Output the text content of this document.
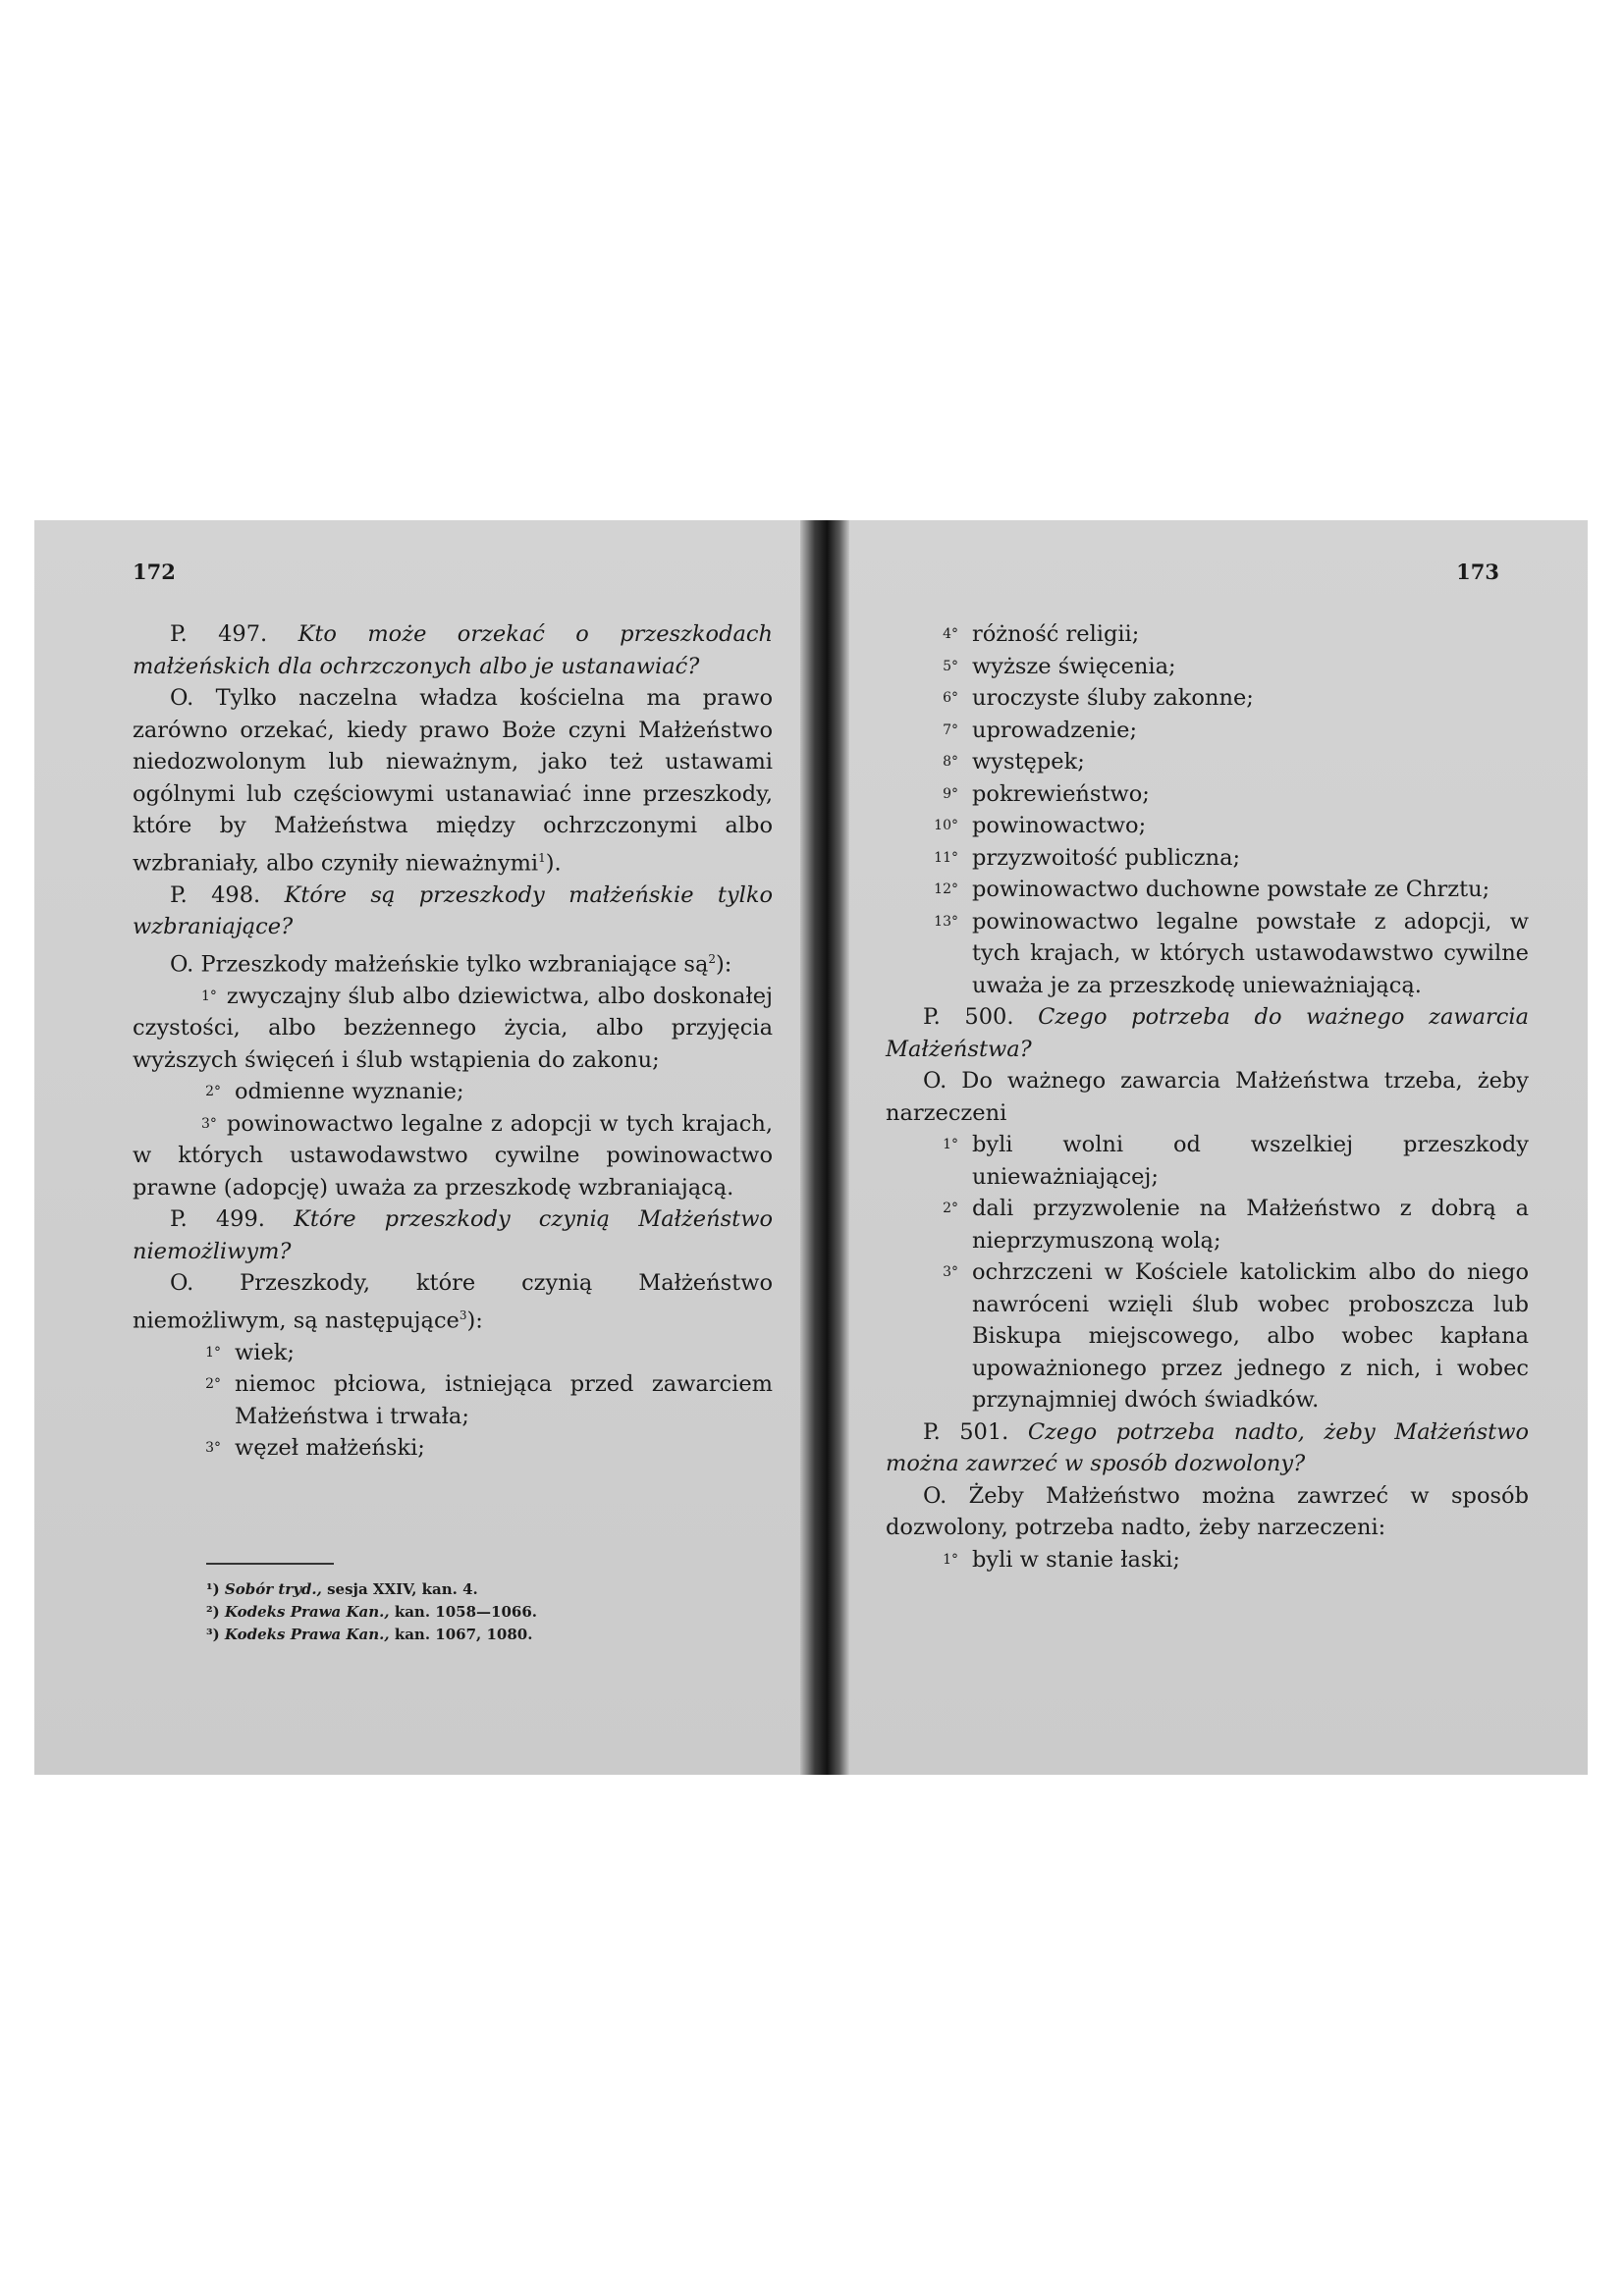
172

P. 497. Kto może orzekać o przeszkodach małżeńskich dla ochrzczonych albo je ustanawiać?

O. Tylko naczelna władza kościelna ma prawo zarówno orzekać, kiedy prawo Boże czyni Małżeństwo niedozwolonym lub nieważnym, jako też ustawami ogólnymi lub częściowymi ustanawiać inne przeszkody, które by Małżeństwa między ochrzczonymi albo wzbraniały, albo czyniły nieważnymi$^1$).

P. 498. Które są przeszkody małżeńskie tylko wzbraniające?

O. Przeszkody małżeńskie tylko wzbraniające $są^2$):

$^{1^\circ}$ zwyczajny ślub albo dziewictwa, albo doskonałej czystości, albo bezżennego życia, albo przyjęcia wyższych święceń i ślub wstąpienia do zakonu;

2° odmienne wyznanie;

$^{3^\circ}$ powinowactwo legalne z adopcji w tych krajach, w których ustawodawstwo cywilne powinowactwo prawne (adopcję) uważa za przeszkodę wzbraniającą.

P. 499. Które przeszkody czynią Małżeństwo niemożliwym?

O. Przeszkody, które czynią Małżeństwo niemożliwym, są następujące$^3$):

1° wiek;

2° niemoc płciowa, istniejąca przed zawarciem Małżeństwa i trwała;

3° węzeł małżeński;

¹) Sobór tryd., sesja XXIV, kan. 4.
²) Kodeks Prawa Kan., kan. 1058—1066.
³) Kodeks Prawa Kan., kan. 1067, 1080.
173

4° różność religii;

5° wyższe święcenia;

6° uroczyste śluby zakonne;

7° uprowadzenie;

8° występek;

9° pokrewieństwo;

10° powinowactwo;

11° przyzwoitość publiczna;

12° powinowactwo duchowne powstałe ze Chrztu;

13° powinowactwo legalne powstałe z adopcji, w tych krajach, w których ustawodawstwo cywilne uważa je za przeszkodę unieważniającą.

P. 500. Czego potrzeba do ważnego zawarcia Małżeństwa?

O. Do ważnego zawarcia Małżeństwa trzeba, żeby narzeczeni

1° byli wolni od wszelkiej przeszkody unieważniającej;

2° dali przyzwolenie na Małżeństwo z dobrą a nieprzymuszoną wolą;

3° ochrzczeni w Kościele katolickim albo do niego nawróceni wzięli ślub wobec proboszcza lub Biskupa miejscowego, albo wobec kapłana upoważnionego przez jednego z nich, i wobec przynajmniej dwóch świadków.

P. 501. Czego potrzeba nadto, żeby Małżeństwo można zawrzeć w sposób dozwolony?

O. Żeby Małżeństwo można zawrzeć w sposób dozwolony, potrzeba nadto, żeby narzeczeni:

1° byli w stanie łaski;
